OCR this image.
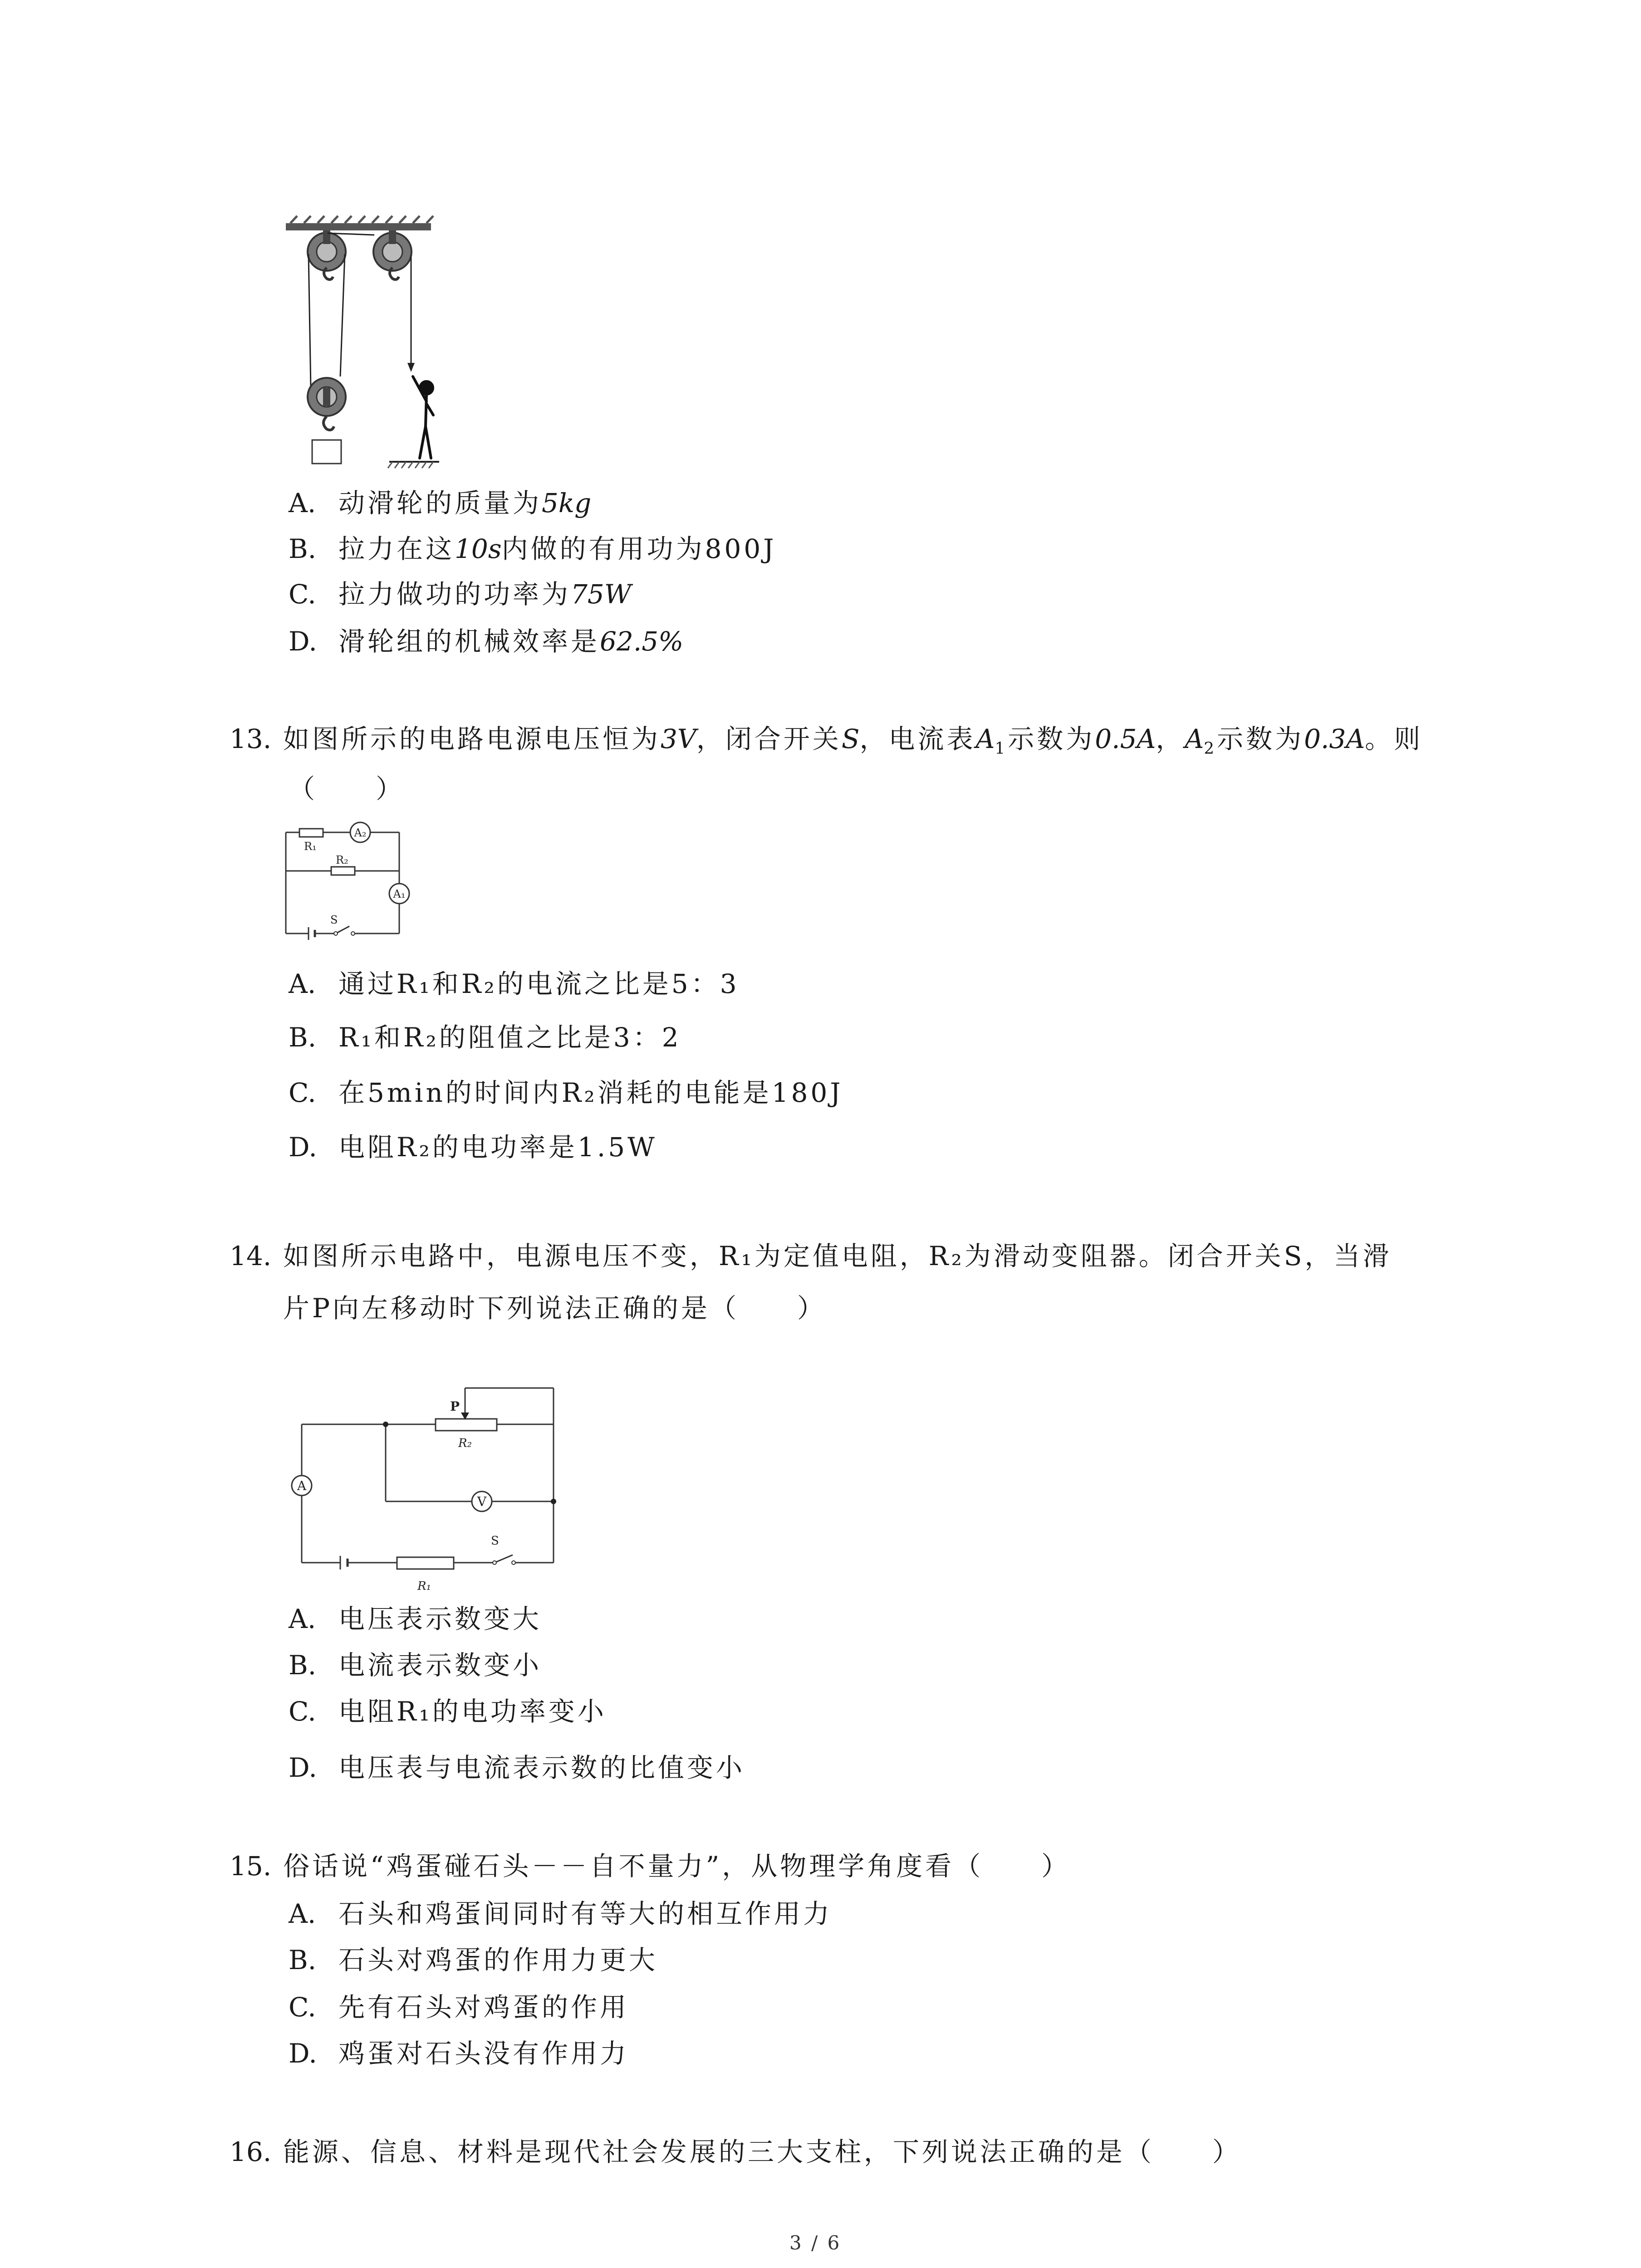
A. 动滑轮的质量为5kg
B. 拉力在这10s内做的有用功为800J
C. 拉力做功的功率为75W
D. 滑轮组的机械效率是62.5%
13. 如图所示的电路电源电压恒为3V，闭合开关S，电流表$A_1$示数为0.5A，$A_2$示数为0.3A。则
（　　）
A₂
A₁
R₁
R₂
S
A. 通过R₁和R₂的电流之比是5：3
B. R₁和R₂的阻值之比是3：2
C. 在5min的时间内R₂消耗的电能是180J
D. 电阻R₂的电功率是1.5W
14. 如图所示电路中，电源电压不变，R₁为定值电阻，R₂为滑动变阻器。闭合开关S，当滑
片P向左移动时下列说法正确的是（　　）
A
V
P
R₂
S
R₁
A. 电压表示数变大
B. 电流表示数变小
C. 电阻R₁的电功率变小
D. 电压表与电流表示数的比值变小
15. 俗话说“鸡蛋碰石头－－自不量力”，从物理学角度看（　　）
A. 石头和鸡蛋间同时有等大的相互作用力
B. 石头对鸡蛋的作用力更大
C. 先有石头对鸡蛋的作用
D. 鸡蛋对石头没有作用力
16. 能源、信息、材料是现代社会发展的三大支柱，下列说法正确的是（　　）
3 / 6
